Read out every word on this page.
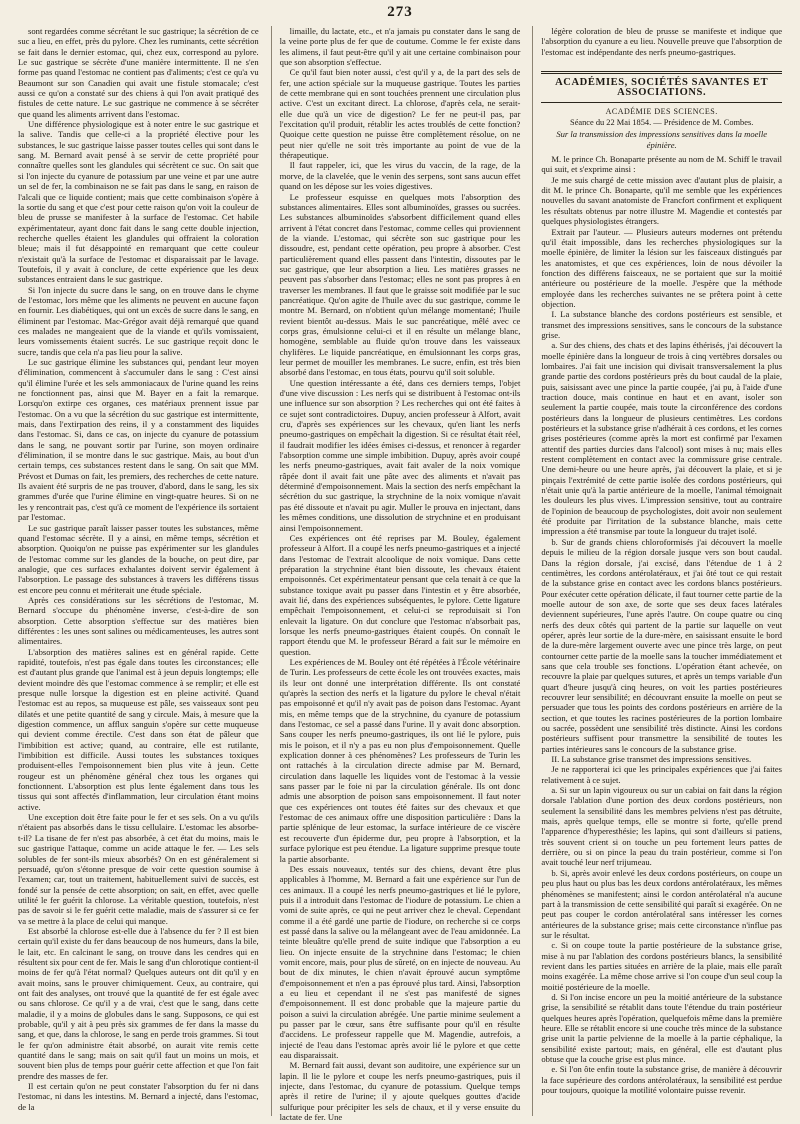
273

sont regardées comme sécrétant le suc gastrique; la sécrétion de ce suc a lieu, en effet, près du pylore. Chez les ruminants, cette sécrétion se fait dans le dernier estomac, qui, chez eux, correspond au pylore. Le suc gastrique se sécrète d'une manière intermittente. Il ne s'en forme pas quand l'estomac ne contient pas d'aliments; c'est ce qu'a vu Beaumont sur son Canadien qui avait une fistule stomacale; c'est aussi ce qu'on a constaté sur des chiens à qui l'on avait pratiqué des fistules de cette nature. Le suc gastrique ne commence à se sécréter que quand les aliments arrivent dans l'estomac.

Une différence physiologique est à noter entre le suc gastrique et la salive. Tandis que celle-ci a la propriété élective pour les substances, le suc gastrique laisse passer toutes celles qui sont dans le sang. M. Bernard avait pensé à se servir de cette propriété pour connaître quelles sont les glandules qui sécrètent ce suc. On sait que si l'on injecte du cyanure de potassium par une veine et par une autre un sel de fer, la combinaison ne se fait pas dans le sang, en raison de l'alcali que ce liquide contient; mais que cette combinaison s'opère à la sortie du sang et que c'est pour cette raison qu'on voit la couleur de bleu de prusse se manifester à la surface de l'estomac. Cet habile expérimentateur, ayant donc fait dans le sang cette double injection, recherche quelles étaient les glandules qui offraient la coloration bleue; mais il fut désappointé en remarquant que cette couleur n'existait qu'à la surface de l'estomac et disparaissait par le lavage. Toutefois, il y avait à conclure, de cette expérience que les deux substances entraient dans le suc gastrique.

Si l'on injecte du sucre dans le sang, on en trouve dans le chyme de l'estomac, lors même que les aliments ne peuvent en aucune façon en fournir. Les diabétiques, qui ont un excès de sucre dans le sang, en éliminent par l'estomac. Mac-Grégor avait déjà remarqué que quand ces malades ne mangeaient que de la viande et qu'ils vomissaient, leurs vomissements étaient sucrés. Le suc gastrique reçoit donc le sucre, tandis que cela n'a pas lieu pour la salive.

Le suc gastrique élimine les substances qui, pendant leur moyen d'élimination, commencent à s'accumuler dans le sang : C'est ainsi qu'il élimine l'urée et les sels ammoniacaux de l'urine quand les reins ne fonctionnent pas, ainsi que M. Bayer en a fait la remarque. Lorsqu'on extirpe ces organes, ces matériaux prennent issue par l'estomac. On a vu que la sécrétion du suc gastrique est intermittente, mais, dans l'extirpation des reins, il y a constamment des liquides dans l'estomac. Si, dans ce cas, on injecte du cyanure de potassium dans le sang, ne pouvant sortir par l'urine, son moyen ordinaire d'élimination, il se montre dans le suc gastrique. Mais, au bout d'un certain temps, ces substances restent dans le sang. On sait que MM. Prévost et Dumas on fait, les premiers, des recherches de cette nature. Ils avaient été surpris de ne pas trouver, d'abord, dans le sang, les six grammes d'urée que l'urine élimine en vingt-quatre heures. Si on ne les y rencontrait pas, c'est qu'à ce moment de l'expérience ils sortaient par l'estomac.

Le suc gastrique paraît laisser passer toutes les substances, même quand l'estomac sécrète. Il y a ainsi, en même temps, sécrétion et absorption. Quoiqu'on ne puisse pas expérimenter sur les glandules de l'estomac comme sur les glandes de la bouche, on peut dire, par analogie, que ces surfaces exhalantes doivent servir également à l'absorption. Le passage des substances à travers les différens tissus est encore peu connu et mériterait une étude spéciale.

Après ces considérations sur les sécrétions de l'estomac, M. Bernard s'occupe du phénomène inverse, c'est-à-dire de son absorption. Cette absorption s'effectue sur des matières bien différentes : les unes sont salines ou médicamenteuses, les autres sont alimentaires.

L'absorption des matières salines est en général rapide. Cette rapidité, toutefois, n'est pas égale dans toutes les circonstances; elle est d'autant plus grande que l'animal est à jeun depuis longtemps; elle devient moindre dès que l'estomac commence à se remplir; et elle est presque nulle lorsque la digestion est en pleine activité. Quand l'estomac est au repos, sa muqueuse est pâle, ses vaisseaux sont peu dilatés et une petite quantité de sang y circule. Mais, à mesure que la digestion commence, un afflux sanguin s'opère sur cette muqueuse qui devient comme érectile. C'est dans son état de pâleur que l'imbibition est active; quand, au contraire, elle est rutilante, l'imbibition est difficile. Aussi toutes les substances toxiques produisent-elles l'empoisonnement bien plus vite à jeun. Cette rougeur est un phénomène général chez tous les organes qui fonctionnent. L'absorption est plus lente également dans tous les tissus qui sont affectés d'inflammation, leur circulation étant moins active.

Une exception doit être faite pour le fer et ses sels. On a vu qu'ils n'étaient pas absorbés dans le tissu cellulaire. L'estomac les absorbe-t-il? La tisane de fer n'est pas absorbée, à cet état du moins, mais le suc gastrique l'attaque, comme un acide attaque le fer. — Les sels solubles de fer sont-ils mieux absorbés? On en est généralement si persuadé, qu'on s'étonne presque de voir cette question soumise à l'examen; car, tout un traitement, habituellement suivi de succès, est fondé sur la pensée de cette absorption; on sait, en effet, avec quelle utilité le fer guérit la chlorose. La véritable question, toutefois, n'est pas de savoir si le fer guérit cette maladie, mais de s'assurer si ce fer va se mettre à la place de celui qui manque.

Est absorbé la chlorose est-elle due à l'absence du fer ? Il est bien certain qu'il existe du fer dans beaucoup de nos humeurs, dans la bile, le lait, etc. En calcinant le sang, on trouve dans les cendres qui en résultent six pour cent de fer. Mais le sang d'un chlorotique contient-il moins de fer qu'à l'état normal? Quelques auteurs ont dit qu'il y en avait moins, sans le prouver chimiquement. Ceux, au contraire, qui ont fait des analyses, ont trouvé que la quantité de fer est égale avec ou sans chlorose. Ce qu'il y a de vrai, c'est que le sang, dans cette maladie, il y a moins de globules dans le sang. Supposons, ce qui est probable, qu'il y ait à peu près six grammes de fer dans la masse du sang, et que, dans la chlorose, le sang en perde trois grammes. Si tout le fer qu'on administre était absorbé, on aurait vite remis cette quantité dans le sang; mais on sait qu'il faut un moins un mois, et souvent bien plus de temps pour guérir cette affection et que l'on fait prendre des masses de fer.

Il est certain qu'on ne peut constater l'absorption du fer ni dans l'estomac, ni dans les intestins. M. Bernard a injecté, dans l'estomac, de la

limaille, du lactate, etc., et n'a jamais pu constater dans le sang de la veine porte plus de fer que de coutume. Comme le fer existe dans les alimens, il faut peut-être qu'il y ait une certaine combinaison pour que son absorption s'effectue.

Ce qu'il faut bien noter aussi, c'est qu'il y a, de la part des sels de fer, une action spéciale sur la muqueuse gastrique. Toutes les parties de cette membrane qui en sont touchées prennent une circulation plus active. C'est un excitant direct. La chlorose, d'après cela, ne serait-elle due qu'à un vice de digestion? Le fer ne peut-il pas, par l'excitation qu'il produit, rétablir les actes troublés de cette fonction? Quoique cette question ne puisse être complètement résolue, on ne peut nier qu'elle ne soit très importante au point de vue de la thérapeutique.

Il faut rappeler, ici, que les virus du vaccin, de la rage, de la morve, de la clavelée, que le venin des serpens, sont sans aucun effet quand on les dépose sur les voies digestives.

Le professeur esquisse en quelques mots l'absorption des substances alimentaires. Elles sont albuminoïdes, grasses ou sucrées. Les substances albuminoïdes s'absorbent difficilement quand elles arrivent à l'état concret dans l'estomac, comme celles qui proviennent de la viande. L'estomac, qui sécrète son suc gastrique pour les dissoudre, est, pendant cette opération, peu propre à absorber. C'est particulièrement quand elles passent dans l'intestin, dissoutes par le suc gastrique, que leur absorption a lieu. Les matières grasses ne peuvent pas s'absorber dans l'estomac; elles ne sont pas propres à en traverser les membranes. Il faut que le graisse soit modifiée par le suc pancréatique. Qu'on agite de l'huile avec du suc gastrique, comme le montre M. Bernard, on n'obtient qu'un mélange momentané; l'huile revient bientôt au-dessus. Mais le suc pancréatique, mêlé avec ce corps gras, émulsionne celui-ci et il en résulte un mélange blanc, homogène, semblable au fluide qu'on trouve dans les vaisseaux chylifères. Le liquide pancréatique, en émulsionnant les corps gras, leur permet de mouiller les membranes. Le sucre, enfin, est très bien absorbé dans l'estomac, en tous états, pourvu qu'il soit soluble.

Une question intéressante a été, dans ces derniers temps, l'objet d'une vive discussion : Les nerfs qui se distribuent à l'estomac ont-ils une influence sur son absorption ? Les recherches qui ont été faites à ce sujet sont contradictoires. Dupuy, ancien professeur à Alfort, avait cru, d'après ses expériences sur les chevaux, qu'en liant les nerfs pneumo-gastriques on empêchait la digestion. Si ce résultat était réel, il faudrait modifier les idées émises ci-dessus, et renoncer à regarder l'absorption comme une simple imbibition. Dupuy, après avoir coupé les nerfs pneumo-gastriques, avait fait avaler de la noix vomique râpée dont il avait fait une pâte avec des aliments et n'avait pas déterminé d'empoisonnement. Mais la section des nerfs empêchant la sécrétion du suc gastrique, la strychnine de la noix vomique n'avait pas été dissoute et n'avait pu agir. Muller le prouva en injectant, dans les mêmes conditions, une dissolution de strychnine et en produisant ainsi l'empoisonnement.

Ces expériences ont été reprises par M. Bouley, également professeur à Alfort. Il a coupé les nerfs pneumo-gastriques et a injecté dans l'estomac de l'extrait alcoolique de noix vomique. Dans cette préparation la strychnine étant bien dissoute, les chevaux étaient empoisonnés. Cet expérimentateur pensant que cela tenait à ce que la substance toxique avait pu passer dans l'intestin et y être absorbée, avait lié, dans des expériences subséquentes, le pylore. Cette ligature empêchait l'empoisonnement, et celui-ci se reproduisait si l'on enlevait la ligature. On dut conclure que l'estomac n'absorbait pas, lorsque les nerfs pneumo-gastriques étaient coupés. On connaît le rapport étendu que M. le professeur Bérard a fait sur le mémoire en question.

Les expériences de M. Bouley ont été répétées à l'École vétérinaire de Turin. Les professeurs de cette école les ont trouvées exactes, mais ils leur ont donné une interprétation différente. Ils ont constaté qu'après la section des nerfs et la ligature du pylore le cheval n'était pas empoisonné et qu'il n'y avait pas de poison dans l'estomac. Ayant mis, en même temps que de la strychnine, du cyanure de potassium dans l'estomac, ce sel a passé dans l'urine. Il y avait donc absorption. Sans couper les nerfs pneumo-gastriques, ils ont lié le pylore, puis mis le poison, et il n'y a pas eu non plus d'empoisonnement. Quelle explication donner à ces phénomènes? Les professeurs de Turin les ont rattachés à la circulation directe admise par M. Bernard, circulation dans laquelle les liquides vont de l'estomac à la vessie sans passer par le foie ni par la circulation générale. Ils ont donc admis une absorption de poison sans empoisonnement. Il faut noter que ces expériences ont toutes été faites sur des chevaux et que l'estomac de ces animaux offre une disposition particulière : Dans la partie splénique de leur estomac, la surface intérieure de ce viscère est recouverte d'un épiderme dur, peu propre à l'absorption, et la surface pylorique est peu étendue. La ligature supprime presque toute la partie absorbante.

Des essais nouveaux, tentés sur des chiens, devant être plus applicables à l'homme, M. Bernard a fait une expérience sur l'un de ces animaux. Il a coupé les nerfs pneumo-gastriques et lié le pylore, puis il a introduit dans l'estomac de l'iodure de potassium. Le chien a vomi de suite après, ce qui ne peut arriver chez le cheval. Cependant comme il a été gardé une partie de l'iodure, on recherche si ce corps est passé dans la salive ou la mélangeant avec de l'eau amidonnée. La teinte bleuâtre qu'elle prend de suite indique que l'absorption a eu lieu. On injecte ensuite de la strychnine dans l'estomac; le chien vomit encore, mais, pour plus de sûreté, on en injecte de nouveau. Au bout de dix minutes, le chien n'avait éprouvé aucun symptôme d'empoisonnement et n'en a pas éprouvé plus tard. Ainsi, l'absorption a eu lieu et cependant il ne s'est pas manifesté de signes d'empoisonnement. Il est donc probable que la majeure partie du poison a suivi la circulation abrégée. Une partie minime seulement a pu passer par le cœur, sans être suffisante pour qu'il en résulte d'accidens. Le professeur rappelle que M. Magendie, autrefois, a injecté de l'eau dans l'estomac après avoir lié le pylore et que cette eau disparaissait.

M. Bernard fait aussi, devant son auditoire, une expérience sur un lapin. Il lie le pylore et coupe les nerfs pneumo-gastriques, puis il injecte, dans l'estomac, du cyanure de potassium. Quelque temps après il retire de l'urine; il y ajoute quelques gouttes d'acide sulfurique pour précipiter les sels de chaux, et il y verse ensuite du lactate de fer. Une

légère coloration de bleu de prusse se manifeste et indique que l'absorption du cyanure a eu lieu. Nouvelle preuve que l'absorption de l'estomac est indépendante des nerfs pneumo-gastriques.

ACADÉMIES, SOCIÉTÉS SAVANTES ET ASSOCIATIONS.
ACADÉMIE DES SCIENCES.
Séance du 22 Mai 1854. — Présidence de M. Combes.
Sur la transmission des impressions sensitives dans la moelle épinière.

M. le prince Ch. Bonaparte présente au nom de M. Schiff le travail qui suit, et s'exprime ainsi :

Je me suis chargé de cette mission avec d'autant plus de plaisir, a dit M. le prince Ch. Bonaparte, qu'il me semble que les expériences nouvelles du savant anatomiste de Francfort confirment et expliquent les résultats obtenus par notre illustre M. Magendie et contestés par quelques physiologistes étrangers.

Extrait par l'auteur. — Plusieurs auteurs modernes ont prétendu qu'il était impossible, dans les recherches physiologiques sur la moelle épinière, de limiter la lésion sur les faisceaux distingués par les anatomistes, et que ces expériences, loin de nous dévoiler la fonction des différens faisceaux, ne se portaient que sur la moitié antérieure ou postérieure de la moelle. J'espère que la méthode employée dans les recherches suivantes ne se prêtera point à cette objection.

I. La substance blanche des cordons postérieurs est sensible, et transmet des impressions sensitives, sans le concours de la substance grise.

a. Sur des chiens, des chats et des lapins éthérisés, j'ai découvert la moelle épinière dans la longueur de trois à cinq vertèbres dorsales ou lombaires. J'ai fait une incision qui divisait transversalement la plus grande partie des cordons postérieurs près du bout caudal de la plaie, puis, saisissant avec une pince la partie coupée, j'ai pu, à l'aide d'une traction douce, mais continue en haut et en avant, isoler son seulement la partie coupée, mais toute la circonférence des cordons postérieurs dans la longueur de plusieurs centimètres. Les cordons postérieurs et la substance grise n'adhérait à ces cordons, et les cornes grises postérieures (comme après la mort est confirmé par l'examen attentif des parties durcies dans l'alcool) sont mises à nu; mais elles restent complètement en contact avec la commissure grise centrale. Une demi-heure ou une heure après, j'ai découvert la plaie, et si je pinçais l'extrémité de cette partie isolée des cordons postérieurs, qui n'était unie qu'à la partie antérieure de la moelle, l'animal témoignait les douleurs les plus vives. L'impression sensitive, tout au contraire de l'opinion de beaucoup de psychologistes, doit avoir non seulement été produite par l'irritation de la substance blanche, mais cette impression a été transmise par toute la longueur du trajet isolé.

b. Sur de grands chiens chloroformisés j'ai découvert la moelle depuis le milieu de la région dorsale jusque vers son bout caudal. Dans la région dorsale, j'ai excisé, dans l'étendue de 1 à 2 centimètres, les cordons antérolatéraux, et j'ai ôté tout ce qui restait de la substance grise en contact avec les cordons blancs postérieurs. Pour exécuter cette opération délicate, il faut tourner cette partie de la moelle autour de son axe, de sorte que ses deux faces latérales deviennent supérieures, l'une après l'autre. On coupe quatre ou cinq nerfs des deux côtés qui partent de la partie sur laquelle on veut opérer, après leur sortie de la dure-mère, en saisissant ensuite le bord de la dure-mère largement ouverte avec une pince très large, on peut contourner cette partie de la moelle sans la toucher immédiatement et sans que cela trouble ses fonctions. L'opération étant achevée, on recouvre la plaie par quelques sutures, et après un temps variable d'un quart d'heure jusqu'à cinq heures, on voit les parties postérieures recouvrer leur sensibilité; en découvrant ensuite la moelle on peut se persuader que tous les points des cordons postérieurs en arrière de la section, et que toutes les racines postérieures de la portion lombaire ou sacrée, possèdent une sensibilité très distincte. Ainsi les cordons postérieurs suffisent pour transmettre la sensibilité de toutes les parties intérieures sans le concours de la substance grise.

II. La substance grise transmet des impressions sensitives.

Je ne rapporterai ici que les principales expériences que j'ai faites relativement à ce sujet.

a. Si sur un lapin vigoureux ou sur un cabiai on fait dans la région dorsale l'ablation d'une portion des deux cordons postérieurs, non seulement la sensibilité dans les membres pelviens n'est pas détruite, mais, après quelque temps, elle se montre si forte, qu'elle prend l'apparence d'hyperesthésie; les lapins, qui sont d'ailleurs si patiens, très souvent crient si on touche un peu fortement leurs pattes de derrière, ou si on pince la peau du train postérieur, comme si l'on avait touché leur nerf trijumeau.

b. Si, après avoir enlevé les deux cordons postérieurs, on coupe un peu plus haut ou plus bas les deux cordons antérolatéraux, les mêmes phénomènes se manifestent; ainsi le cordon antérolatéral n'a aucune part à la transmission de cette sensibilité qui paraît si exagérée. On ne peut pas couper le cordon antérolatéral sans intéresser les cornes antérieures de la substance grise; mais cette circonstance n'influe pas sur le résultat.

c. Si on coupe toute la partie postérieure de la substance grise, mise à nu par l'ablation des cordons postérieurs blancs, la sensibilité revient dans les parties situées en arrière de la plaie, mais elle paraît moins exagérée. La même chose arrive si l'on coupe d'un seul coup la moitié postérieure de la moelle.

d. Si l'on incise encore un peu la moitié antérieure de la substance grise, la sensibilité se rétablit dans toute l'étendue du train postérieur quelques heures après l'opération, quelquefois même dans la première heure. Elle se rétablit encore si une couche très mince de la substance grise unit la partie pelvienne de la moelle à la partie céphalique, la sensibilité existe partout; mais, en général, elle est d'autant plus obtuse que la couche grise est plus mince.

e. Si l'on ôte enfin toute la substance grise, de manière à découvrir la face supérieure des cordons antérolatéraux, la sensibilité est perdue pour toujours, quoique la motilité volontaire puisse revenir.
